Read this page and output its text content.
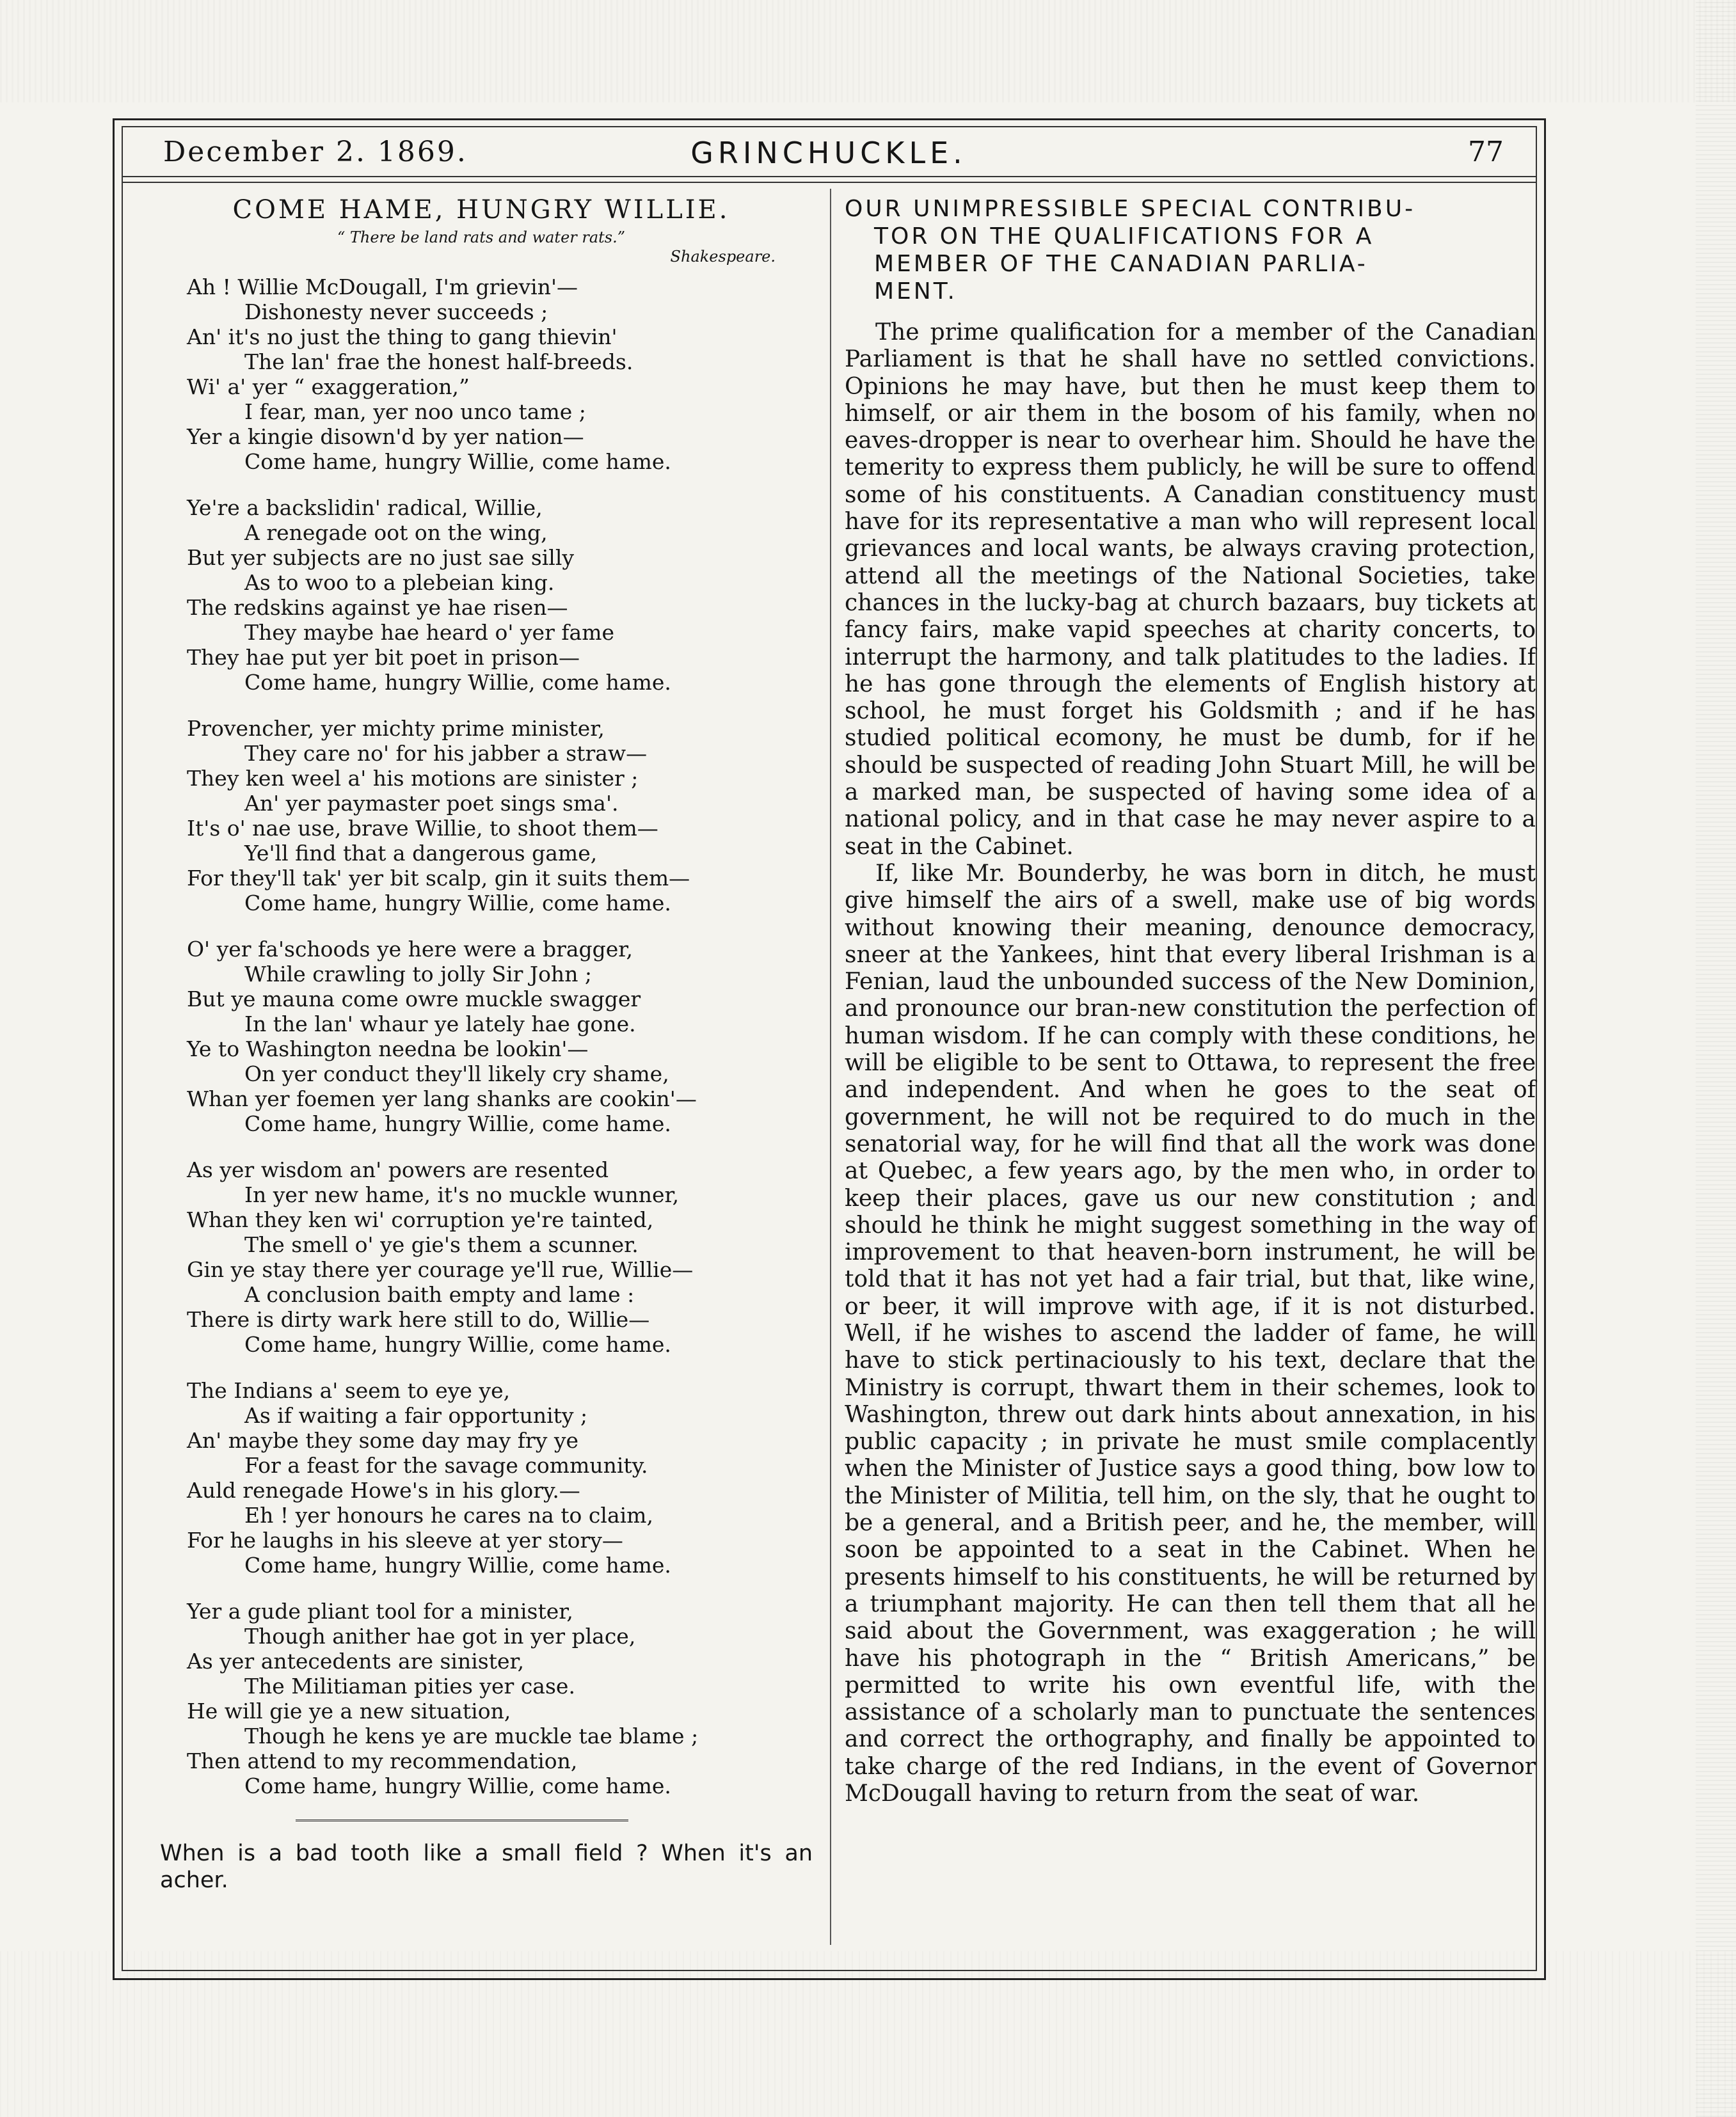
GRINCHUCKLE.
December 2. 1869.	77
COME HAME, HUNGRY WILLIE.
“ There be land rats and water rats.”
Shakespeare.
Ah ! Willie McDougall, I'm grievin'—
Dishonesty never succeeds ;
An' it's no just the thing to gang thievin'
The lan' frae the honest half-breeds.
Wi' a' yer “ exaggeration,”
I fear, man, yer noo unco tame ;
Yer a kingie disown'd by yer nation—
Come hame, hungry Willie, come hame.
Ye're a backslidin' radical, Willie,
A renegade oot on the wing,
But yer subjects are no just sae silly
As to woo to a plebeian king.
The redskins against ye hae risen—
They maybe hae heard o' yer fame
They hae put yer bit poet in prison—
Come hame, hungry Willie, come hame.
Provencher, yer michty prime minister,
They care no' for his jabber a straw—
They ken weel a' his motions are sinister ;
An' yer paymaster poet sings sma'.
It's o' nae use, brave Willie, to shoot them—
Ye'll find that a dangerous game,
For they'll tak' yer bit scalp, gin it suits them—
Come hame, hungry Willie, come hame.
O' yer fa'schoods ye here were a bragger,
While crawling to jolly Sir John ;
But ye mauna come owre muckle swagger
In the lan' whaur ye lately hae gone.
Ye to Washington needna be lookin'—
On yer conduct they'll likely cry shame,
Whan yer foemen yer lang shanks are cookin'—
Come hame, hungry Willie, come hame.
As yer wisdom an' powers are resented
In yer new hame, it's no muckle wunner,
Whan they ken wi' corruption ye're tainted,
The smell o' ye gie's them a scunner.
Gin ye stay there yer courage ye'll rue, Willie—
A conclusion baith empty and lame :
There is dirty wark here still to do, Willie—
Come hame, hungry Willie, come hame.
The Indians a' seem to eye ye,
As if waiting a fair opportunity ;
An' maybe they some day may fry ye
For a feast for the savage community.
Auld renegade Howe's in his glory.—
Eh ! yer honours he cares na to claim,
For he laughs in his sleeve at yer story—
Come hame, hungry Willie, come hame.
Yer a gude pliant tool for a minister,
Though anither hae got in yer place,
As yer antecedents are sinister,
The Militiaman pities yer case.
He will gie ye a new situation,
Though he kens ye are muckle tae blame ;
Then attend to my recommendation,
Come hame, hungry Willie, come hame.
When is a bad tooth like a small field ? When it's an acher.
OUR UNIMPRESSIBLE SPECIAL CONTRIBU-
TOR ON THE QUALIFICATIONS FOR A
MEMBER OF THE CANADIAN PARLIA-
MENT.

The prime qualification for a member of the Canadian Parliament is that he shall have no settled convictions. Opinions he may have, but then he must keep them to himself, or air them in the bosom of his family, when no eaves-dropper is near to overhear him. Should he have the temerity to express them publicly, he will be sure to offend some of his constituents. A Canadian constituency must have for its representative a man who will represent local grievances and local wants, be always craving protection, attend all the meetings of the National Societies, take chances in the lucky-bag at church bazaars, buy tickets at fancy fairs, make vapid speeches at charity concerts, to interrupt the harmony, and talk platitudes to the ladies. If he has gone through the elements of English history at school, he must forget his Goldsmith ; and if he has studied political ecomony, he must be dumb, for if he should be suspected of reading John Stuart Mill, he will be a marked man, be suspected of having some idea of a national policy, and in that case he may never aspire to a seat in the Cabinet.

If, like Mr. Bounderby, he was born in ditch, he must give himself the airs of a swell, make use of big words without knowing their meaning, denounce democracy, sneer at the Yankees, hint that every liberal Irishman is a Fenian, laud the unbounded success of the New Dominion, and pronounce our bran-new constitution the perfection of human wisdom. If he can comply with these conditions, he will be eligible to be sent to Ottawa, to represent the free and independent. And when he goes to the seat of government, he will not be required to do much in the senatorial way, for he will find that all the work was done at Quebec, a few years ago, by the men who, in order to keep their places, gave us our new constitution ; and should he think he might suggest something in the way of improvement to that heaven-born instrument, he will be told that it has not yet had a fair trial, but that, like wine, or beer, it will improve with age, if it is not disturbed. Well, if he wishes to ascend the ladder of fame, he will have to stick pertinaciously to his text, declare that the Ministry is corrupt, thwart them in their schemes, look to Washington, threw out dark hints about annexation, in his public capacity ; in private he must smile complacently when the Minister of Justice says a good thing, bow low to the Minister of Militia, tell him, on the sly, that he ought to be a general, and a British peer, and he, the member, will soon be appointed to a seat in the Cabinet. When he presents himself to his constituents, he will be returned by a triumphant majority. He can then tell them that all he said about the Government, was exaggeration ; he will have his photograph in the “ British Americans,” be permitted to write his own eventful life, with the assistance of a scholarly man to punctuate the sentences and correct the orthography, and finally be appointed to take charge of the red Indians, in the event of Governor McDougall having to return from the seat of war.
